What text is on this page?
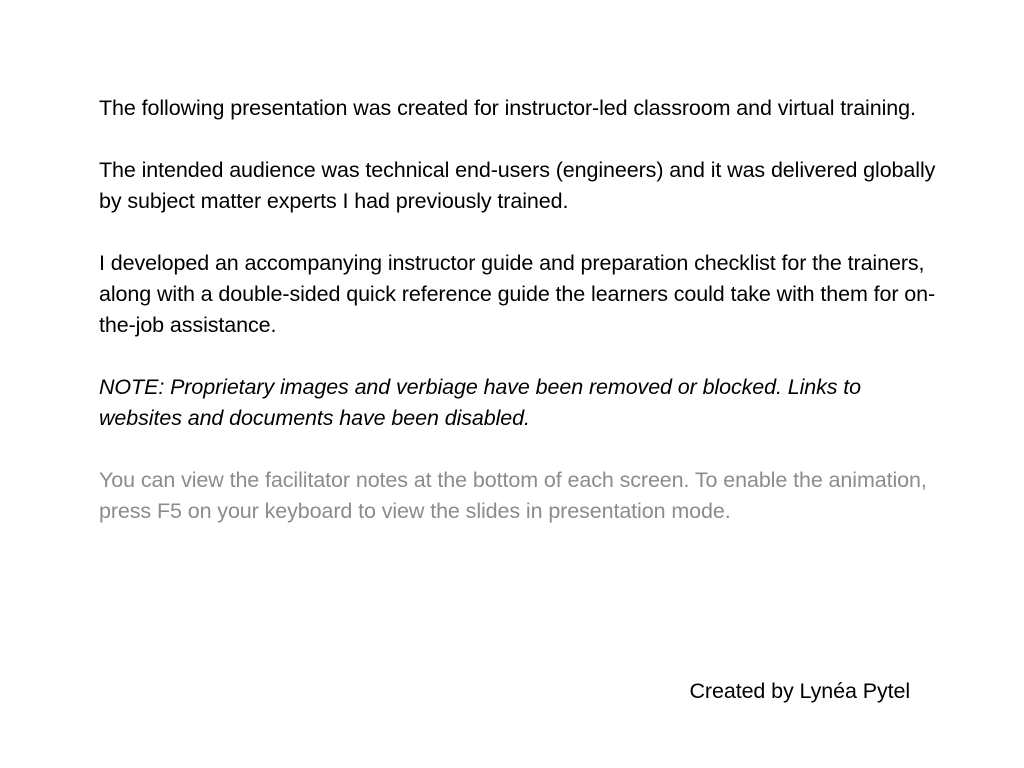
The following presentation was created for instructor-led classroom and virtual training.

The intended audience was technical end-users (engineers) and it was delivered globally by subject matter experts I had previously trained.

I developed an accompanying instructor guide and preparation checklist for the trainers, along with a double-sided quick reference guide the learners could take with them for on-the-job assistance.

NOTE: Proprietary images and verbiage have been removed or blocked. Links to websites and documents have been disabled.

You can view the facilitator notes at the bottom of each screen. To enable the animation, press F5 on your keyboard to view the slides in presentation mode.

Created by Lynéa Pytel
